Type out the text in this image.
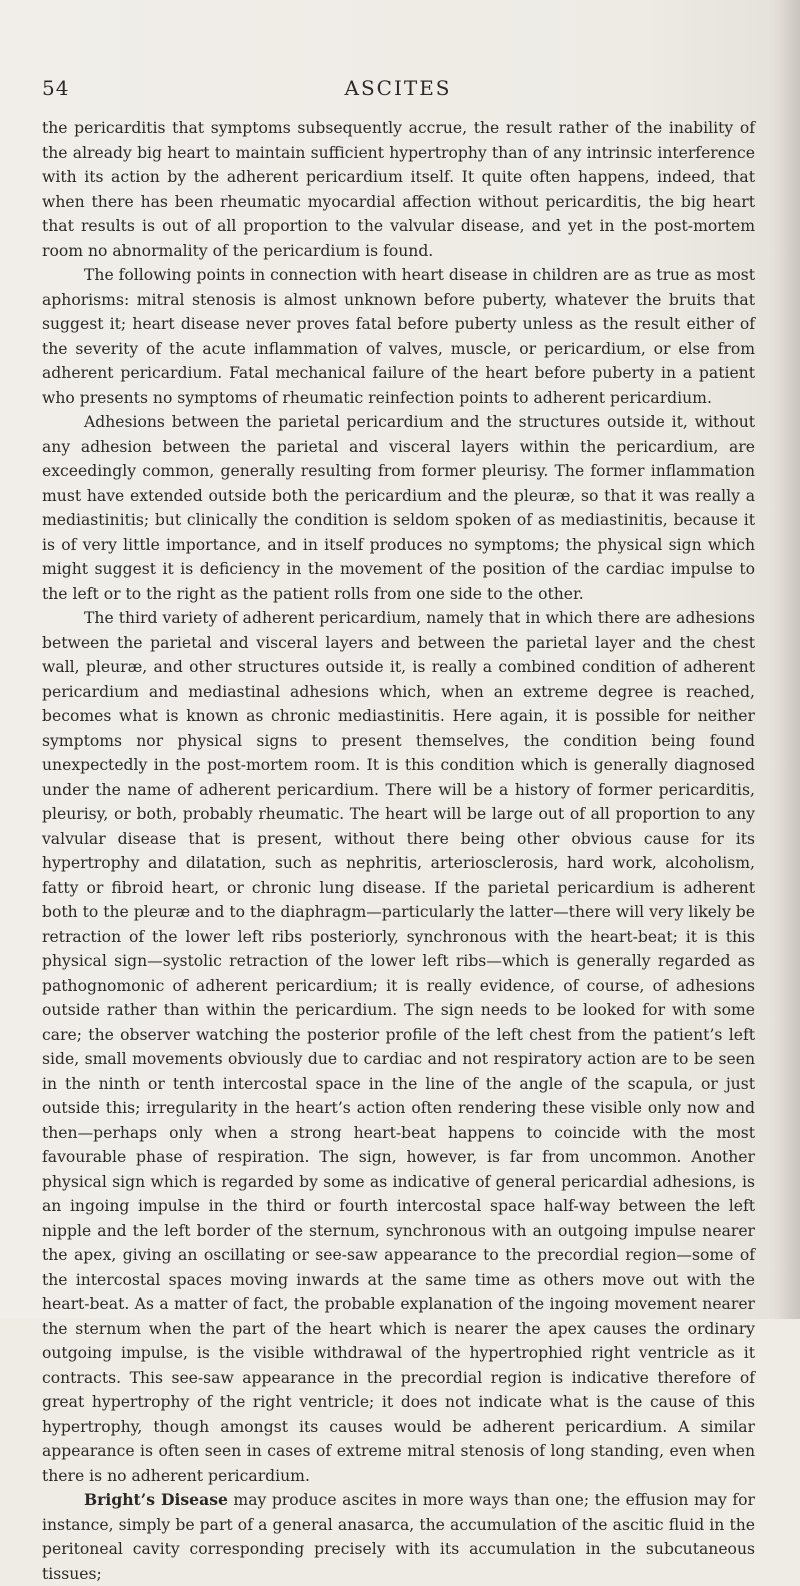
54	ASCITES

the pericarditis that symptoms subsequently accrue, the result rather of the inability of the already big heart to maintain sufficient hypertrophy than of any intrinsic interference with its action by the adherent pericardium itself. It quite often happens, indeed, that when there has been rheumatic myocardial affection without pericarditis, the big heart that results is out of all proportion to the valvular disease, and yet in the post-mortem room no abnormality of the pericardium is found.

The following points in connection with heart disease in children are as true as most aphorisms: mitral stenosis is almost unknown before puberty, whatever the bruits that suggest it; heart disease never proves fatal before puberty unless as the result either of the severity of the acute inflammation of valves, muscle, or pericardium, or else from adherent pericardium. Fatal mechanical failure of the heart before puberty in a patient who presents no symptoms of rheumatic reinfection points to adherent pericardium.

Adhesions between the parietal pericardium and the structures outside it, without any adhesion between the parietal and visceral layers within the pericardium, are exceedingly common, generally resulting from former pleurisy. The former inflammation must have extended outside both the pericardium and the pleuræ, so that it was really a mediastinitis; but clinically the condition is seldom spoken of as mediastinitis, because it is of very little importance, and in itself produces no symptoms; the physical sign which might suggest it is deficiency in the movement of the position of the cardiac impulse to the left or to the right as the patient rolls from one side to the other.

The third variety of adherent pericardium, namely that in which there are adhesions between the parietal and visceral layers and between the parietal layer and the chest wall, pleuræ, and other structures outside it, is really a combined condition of adherent pericardium and mediastinal adhesions which, when an extreme degree is reached, becomes what is known as chronic mediastinitis. Here again, it is possible for neither symptoms nor physical signs to present themselves, the condition being found unexpectedly in the post-mortem room. It is this condition which is generally diagnosed under the name of adherent pericardium. There will be a history of former pericarditis, pleurisy, or both, probably rheumatic. The heart will be large out of all proportion to any valvular disease that is present, without there being other obvious cause for its hypertrophy and dilatation, such as nephritis, arteriosclerosis, hard work, alcoholism, fatty or fibroid heart, or chronic lung disease. If the parietal pericardium is adherent both to the pleuræ and to the diaphragm—particularly the latter—there will very likely be retraction of the lower left ribs posteriorly, synchronous with the heart-beat; it is this physical sign—systolic retraction of the lower left ribs—which is generally regarded as pathognomonic of adherent pericardium; it is really evidence, of course, of adhesions outside rather than within the pericardium. The sign needs to be looked for with some care; the observer watching the posterior profile of the left chest from the patient’s left side, small movements obviously due to cardiac and not respiratory action are to be seen in the ninth or tenth intercostal space in the line of the angle of the scapula, or just outside this; irregularity in the heart’s action often rendering these visible only now and then—perhaps only when a strong heart-beat happens to coincide with the most favourable phase of respiration. The sign, however, is far from uncommon. Another physical sign which is regarded by some as indicative of general pericardial adhesions, is an ingoing impulse in the third or fourth intercostal space half-way between the left nipple and the left border of the sternum, synchronous with an outgoing impulse nearer the apex, giving an oscillating or see-saw appearance to the precordial region—some of the intercostal spaces moving inwards at the same time as others move out with the heart-beat. As a matter of fact, the probable explanation of the ingoing movement nearer the sternum when the part of the heart which is nearer the apex causes the ordinary outgoing impulse, is the visible withdrawal of the hypertrophied right ventricle as it contracts. This see-saw appearance in the precordial region is indicative therefore of great hypertrophy of the right ventricle; it does not indicate what is the cause of this hypertrophy, though amongst its causes would be adherent pericardium. A similar appearance is often seen in cases of extreme mitral stenosis of long standing, even when there is no adherent pericardium.

Bright’s Disease may produce ascites in more ways than one; the effusion may for instance, simply be part of a general anasarca, the accumulation of the ascitic fluid in the peritoneal cavity corresponding precisely with its accumulation in the subcutaneous tissues;
